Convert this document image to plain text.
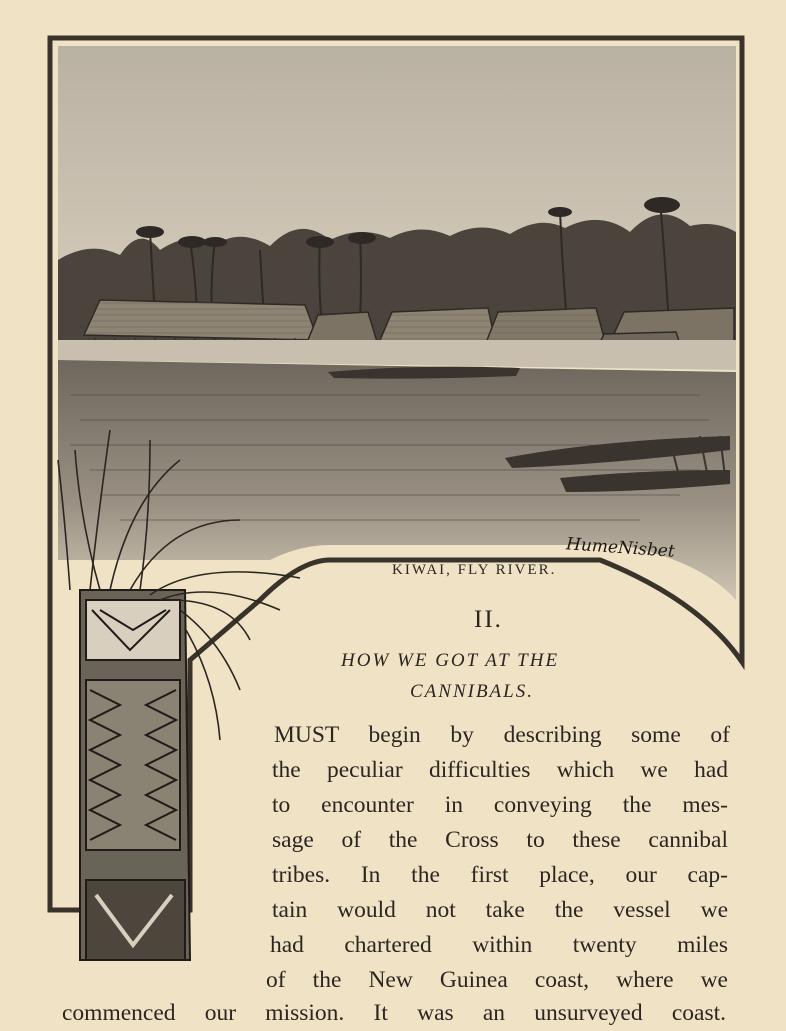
HumeNisbet
KIWAI, FLY RIVER.
II.
HOW WE GOT AT THE
CANNIBALS.
MUST begin by describing some of
the peculiar difficulties which we had
to encounter in conveying the mes-
sage of the Cross to these cannibal
tribes. In the first place, our cap-
tain would not take the vessel we
had chartered within twenty miles
of the New Guinea coast, where we
commenced our mission. It was an unsurveyed coast.
